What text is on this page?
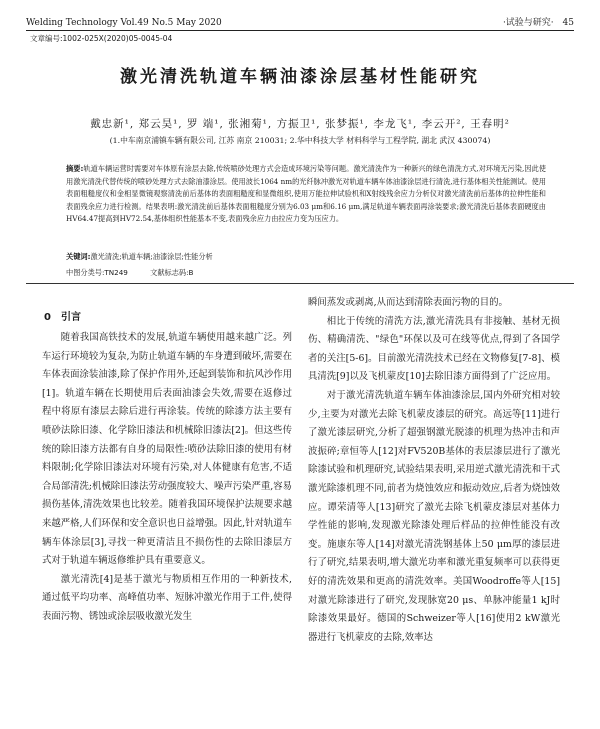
Welding Technology Vol.49 No.5 May 2020	·试验与研究· 45
文章编号:1002-025X(2020)05-0045-04
激光清洗轨道车辆油漆涂层基材性能研究
戴忠新¹, 郑云昊¹, 罗 端¹, 张湘菊¹, 方振卫¹, 张梦振¹, 李龙飞¹, 李云开², 王春明²
(1.中车南京浦镇车辆有限公司, 江苏 南京 210031; 2.华中科技大学 材料科学与工程学院, 湖北 武汉 430074)
摘要:轨道车辆运营时需要对车体原有涂层去除,传统喷砂处理方式会造成环境污染等问题。激光清洗作为一种新兴的绿色清洗方式,对环境无污染,因此使用激光清洗代替传统的喷砂处理方式去除油漆涂层。使用波长1064 nm的光纤脉冲激光对轨道车辆车体油漆涂层进行清洗,进行基体相关性能测试。使用表面粗糙度仪和金相显微镜观察清洗前后基体的表面粗糙度和显微组织,使用万能拉伸试验机和X射线残余应力分析仪对激光清洗前后基体的拉伸性能和表面残余应力进行检测。结果表明:激光清洗前后基体表面粗糙度分别为6.03 μm和6.16 μm,满足轨道车辆表面再涂装要求;激光清洗后基体表面硬度由HV64.47提高到HV72.54,基体组织性能基本不变,表面残余应力由拉应力变为压应力。
关键词:激光清洗;轨道车辆;油漆涂层;性能分析
中图分类号:TN249	文献标志码:B
0 引言

随着我国高铁技术的发展,轨道车辆使用越来越广泛。列车运行环境较为复杂,为防止轨道车辆的车身遭到破坏,需要在车体表面涂装油漆,除了保护作用外,还起到装饰和抗风沙作用[1]。轨道车辆在长期使用后表面油漆会失效,需要在返修过程中将原有漆层去除后进行再涂装。传统的除漆方法主要有喷砂法除旧漆、化学除旧漆法和机械除旧漆法[2]。但这些传统的除旧漆方法都有自身的局限性:喷砂法除旧漆的使用有材料限制;化学除旧漆法对环境有污染,对人体健康有危害,不适合局部清洗;机械除旧漆法劳动强度较大、噪声污染严重,容易损伤基体,清洗效果也比较差。随着我国环境保护法规要求越来越严格,人们环保和安全意识也日益增强。因此,针对轨道车辆车体涂层[3],寻找一种更清洁且不损伤性的去除旧漆层方式对于轨道车辆返修维护具有重要意义。

激光清洗[4]是基于激光与物质相互作用的一种新技术,通过低平均功率、高峰值功率、短脉冲激光作用于工件,使得表面污物、锈蚀或涂层吸收激光发生

瞬间蒸发或剥离,从而达到清除表面污物的目的。

相比于传统的清洗方法,激光清洗具有非接触、基材无损伤、精确清洗、"绿色"环保以及可在线等优点,得到了各国学者的关注[5-6]。目前激光清洗技术已经在文物修复[7-8]、模具清洗[9]以及飞机蒙皮[10]去除旧漆方面得到了广泛应用。

对于激光清洗轨道车辆车体油漆涂层,国内外研究相对较少,主要为对激光去除飞机蒙皮漆层的研究。高远等[11]进行了激光漆层研究,分析了超强钢激光脱漆的机理为热冲击和声波振碎;章恒等人[12]对FV520B基体的表层漆层进行了激光除漆试验和机理研究,试验结果表明,采用逆式激光清洗和干式激光除漆机理不同,前者为烧蚀效应和振动效应,后者为烧蚀效应。谭荣清等人[13]研究了激光去除飞机蒙皮漆层对基体力学性能的影响,发现激光除漆处理后样品的拉伸性能没有改变。施康东等人[14]对激光清洗钢基体上50 μm厚的漆层进行了研究,结果表明,增大激光功率和激光重复频率可以获得更好的清洗效果和更高的清洗效率。美国Woodroffe等人[15]对激光除漆进行了研究,发现脉宽20 μs、单脉冲能量1 kJ时除漆效果最好。德国的Schweizer等人[16]使用2 kW激光器进行飞机蒙皮的去除,效率达
